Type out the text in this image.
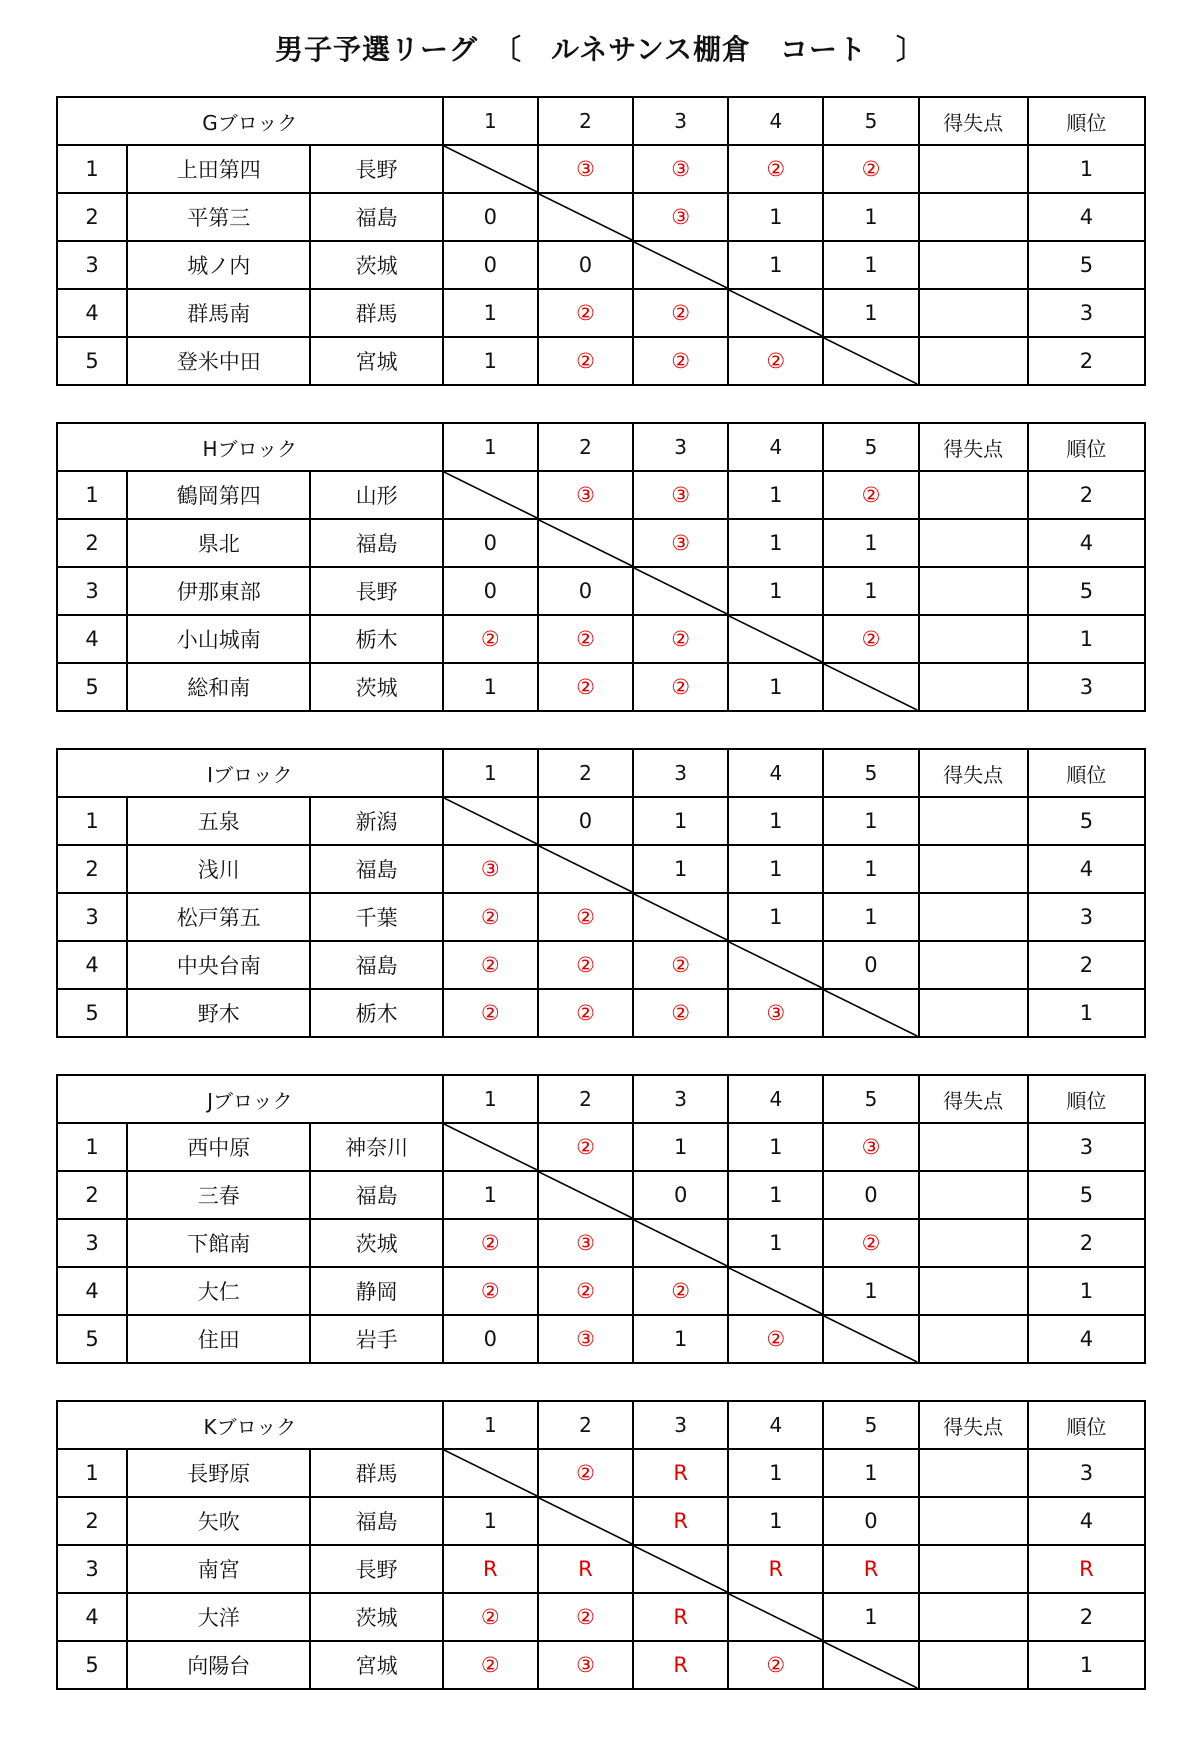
男子予選リーグ　〔　ルネサンス棚倉　コート　〕
Gブロック			1	2	3	4	5	得失点	順位
1	上田第四	長野		③	③	②	②		1
2	平第三	福島	0		③	1	1		4
3	城ノ内	茨城	0	0		1	1		5
4	群馬南	群馬	1	②	②		1		3
5	登米中田	宮城	1	②	②	②			2
Hブロック			1	2	3	4	5	得失点	順位
1	鶴岡第四	山形		③	③	1	②		2
2	県北	福島	0		③	1	1		4
3	伊那東部	長野	0	0		1	1		5
4	小山城南	栃木	②	②	②		②		1
5	総和南	茨城	1	②	②	1			3
Iブロック			1	2	3	4	5	得失点	順位
1	五泉	新潟		0	1	1	1		5
2	浅川	福島	③		1	1	1		4
3	松戸第五	千葉	②	②		1	1		3
4	中央台南	福島	②	②	②		0		2
5	野木	栃木	②	②	②	③			1
Jブロック			1	2	3	4	5	得失点	順位
1	西中原	神奈川		②	1	1	③		3
2	三春	福島	1		0	1	0		5
3	下館南	茨城	②	③		1	②		2
4	大仁	静岡	②	②	②		1		1
5	住田	岩手	0	③	1	②			4
Kブロック			1	2	3	4	5	得失点	順位
1	長野原	群馬		②	R	1	1		3
2	矢吹	福島	1		R	1	0		4
3	南宮	長野	R	R		R	R		R
4	大洋	茨城	②	②	R		1		2
5	向陽台	宮城	②	③	R	②			1
